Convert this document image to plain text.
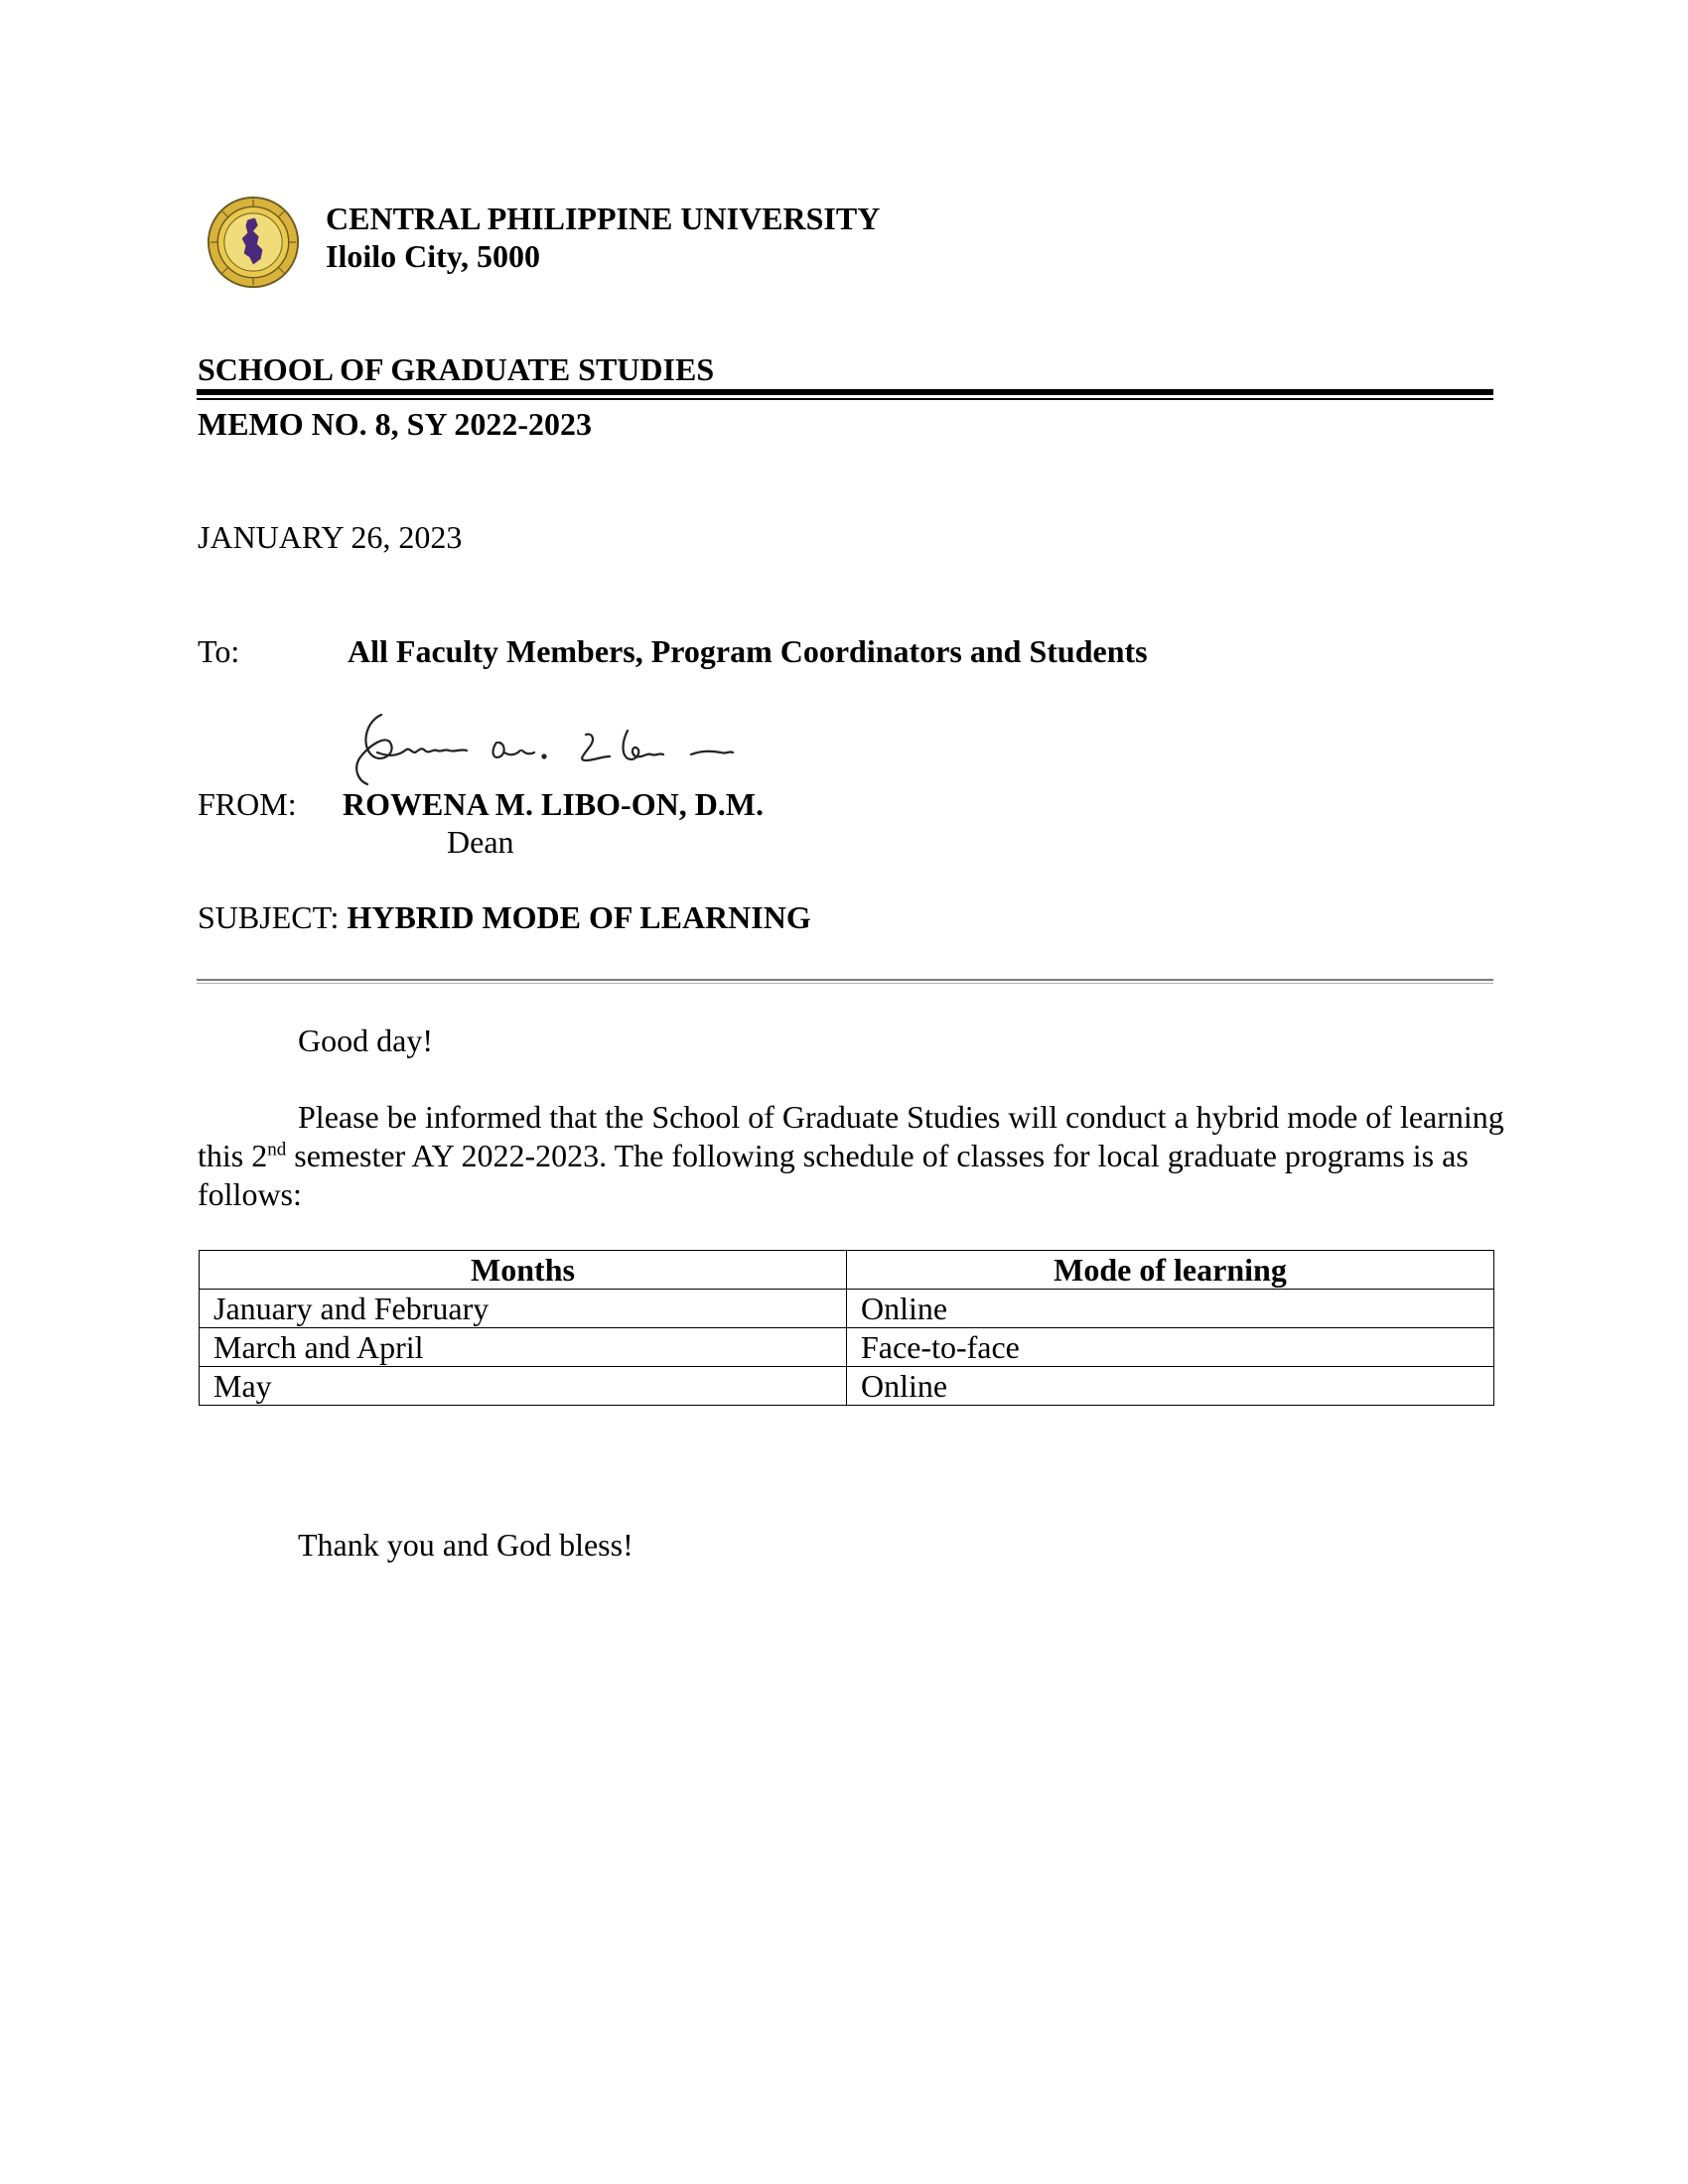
CENTRAL PHILIPPINE UNIVERSITY
Iloilo City, 5000
SCHOOL OF GRADUATE STUDIES
MEMO NO. 8, SY 2022-2023
JANUARY 26, 2023
To:	All Faculty Members, Program Coordinators and Students
FROM: ROWENA M. LIBO-ON, D.M.
Dean
SUBJECT: HYBRID MODE OF LEARNING
Good day!
Please be informed that the School of Graduate Studies will conduct a hybrid mode of learning this 2nd semester AY 2022-2023. The following schedule of classes for local graduate programs is as follows:
Months	Mode of learning
January and February	Online
March and April	Face-to-face
May	Online
Thank you and God bless!
